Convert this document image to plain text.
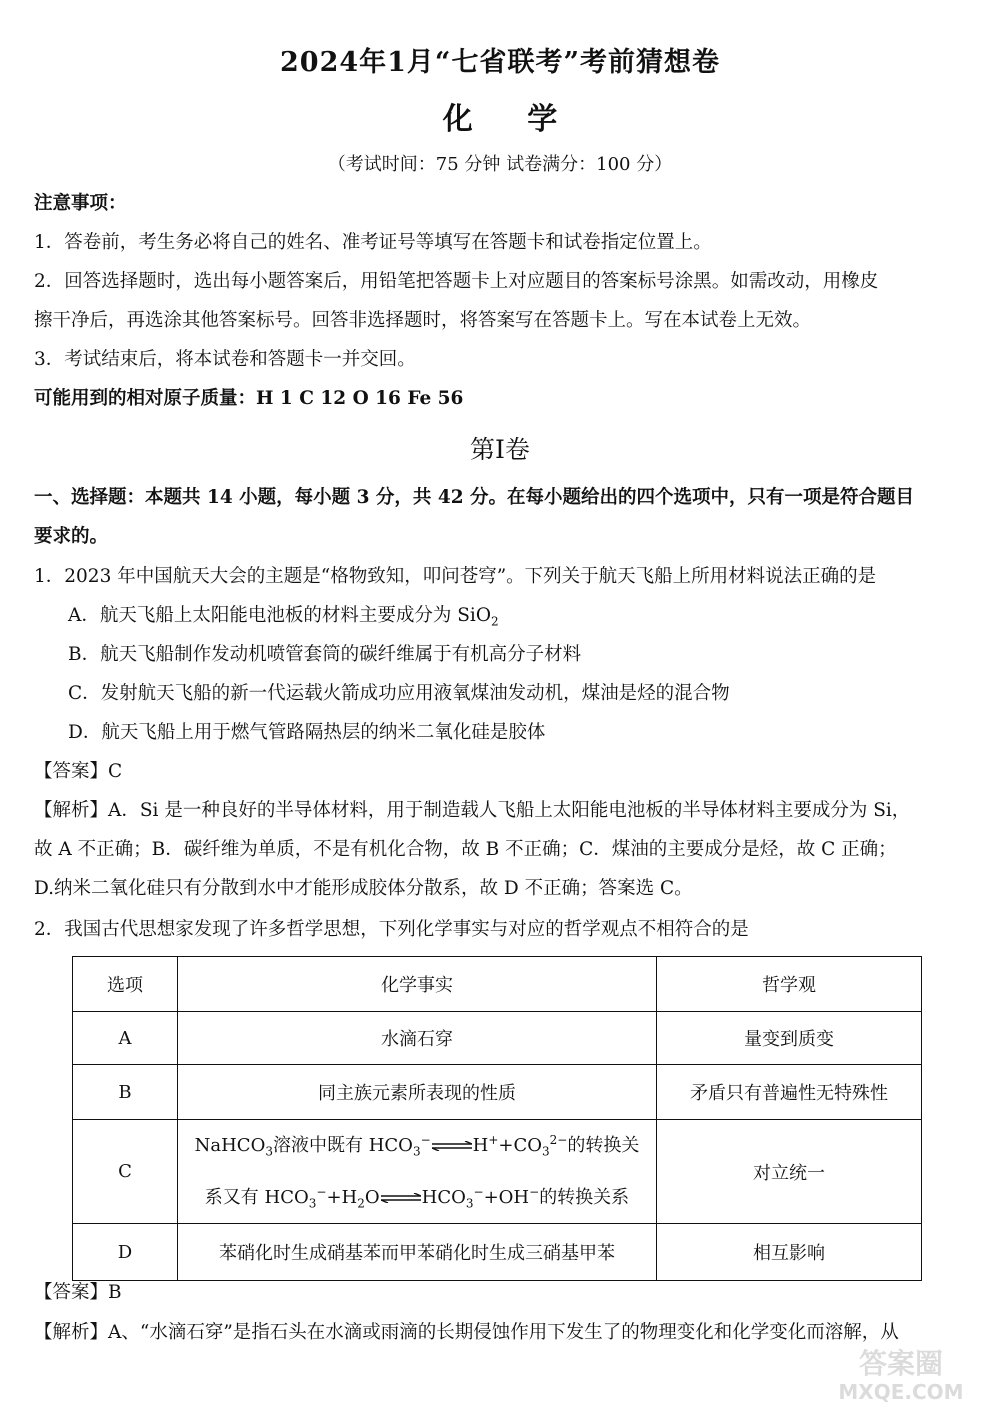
2024年1月“七省联考”考前猜想卷
化 学
（考试时间：75 分钟 试卷满分：100 分）
注意事项：
1．答卷前，考生务必将自己的姓名、准考证号等填写在答题卡和试卷指定位置上。
2．回答选择题时，选出每小题答案后，用铅笔把答题卡上对应题目的答案标号涂黑。如需改动，用橡皮
擦干净后，再选涂其他答案标号。回答非选择题时，将答案写在答题卡上。写在本试卷上无效。
3．考试结束后，将本试卷和答题卡一并交回。
可能用到的相对原子质量：H 1 C 12 O 16 Fe 56
第Ⅰ卷
一、选择题：本题共 14 小题，每小题 3 分，共 42 分。在每小题给出的四个选项中，只有一项是符合题目
要求的。
1．2023 年中国航天大会的主题是“格物致知，叩问苍穹”。下列关于航天飞船上所用材料说法正确的是
A．航天飞船上太阳能电池板的材料主要成分为 SiO$_2$
B．航天飞船制作发动机喷管套筒的碳纤维属于有机高分子材料
C．发射航天飞船的新一代运载火箭成功应用液氧煤油发动机，煤油是烃的混合物
D．航天飞船上用于燃气管路隔热层的纳米二氧化硅是胶体
【答案】C
【解析】A．Si 是一种良好的半导体材料，用于制造载人飞船上太阳能电池板的半导体材料主要成分为 Si，
故 A 不正确；B．碳纤维为单质，不是有机化合物，故 B 不正确；C．煤油的主要成分是烃，故 C 正确；
D.纳米二氧化硅只有分散到水中才能形成胶体分散系，故 D 不正确；答案选 C。
2．我国古代思想家发现了许多哲学思想，下列化学事实与对应的哲学观点不相符合的是
选项	化学事实	哲学观
A	水滴石穿	量变到质变
B	同主族元素所表现的性质	矛盾只有普遍性无特殊性
C	NaHCO$_3$溶液中既有 $HCO_3^-\rightleftharpoons H^++CO_3^{2-}$的转换关
系又有 $HCO_3^-+H_2O\rightleftharpoons HCO_3^-+OH^-$的转换关系	对立统一
D	苯硝化时生成硝基苯而甲苯硝化时生成三硝基甲苯	相互影响
【答案】B
【解析】A、“水滴石穿”是指石头在水滴或雨滴的长期侵蚀作用下发生了的物理变化和化学变化而溶解，从
答案圈
MXQE.COM
